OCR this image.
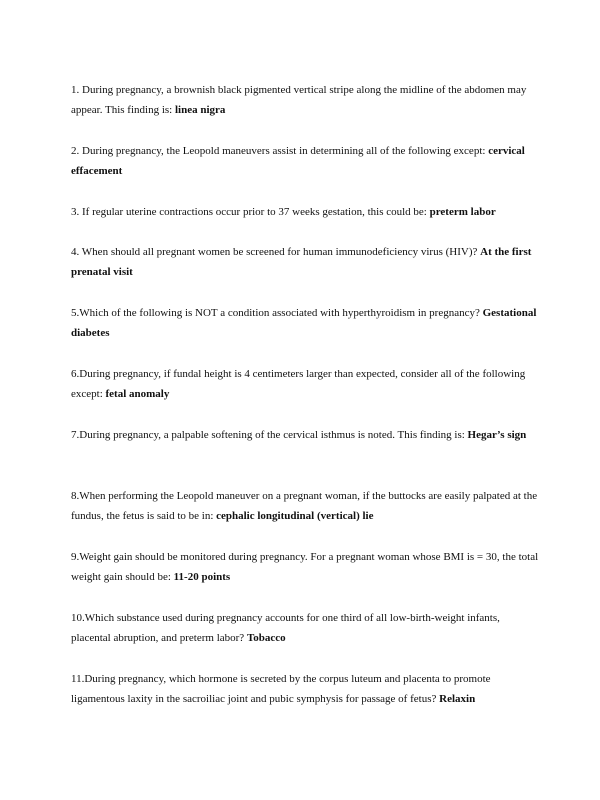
1. During pregnancy, a brownish black pigmented vertical stripe along the midline of the abdomen may appear. This finding is: linea nigra

2. During pregnancy, the Leopold maneuvers assist in determining all of the following except: cervical effacement

3. If regular uterine contractions occur prior to 37 weeks gestation, this could be: preterm labor

4. When should all pregnant women be screened for human immunodeficiency virus (HIV)? At the first prenatal visit

5.Which of the following is NOT a condition associated with hyperthyroidism in pregnancy? Gestational diabetes

6.During pregnancy, if fundal height is 4 centimeters larger than expected, consider all of the following except: fetal anomaly

7.During pregnancy, a palpable softening of the cervical isthmus is noted. This finding is: Hegar’s sign

8.When performing the Leopold maneuver on a pregnant woman, if the buttocks are easily palpated at the fundus, the fetus is said to be in: cephalic longitudinal (vertical) lie

9.Weight gain should be monitored during pregnancy. For a pregnant woman whose BMI is = 30, the total weight gain should be: 11-20 points

10.Which substance used during pregnancy accounts for one third of all low-birth-weight infants, placental abruption, and preterm labor? Tobacco

11.During pregnancy, which hormone is secreted by the corpus luteum and placenta to promote ligamentous laxity in the sacroiliac joint and pubic symphysis for passage of fetus? Relaxin
